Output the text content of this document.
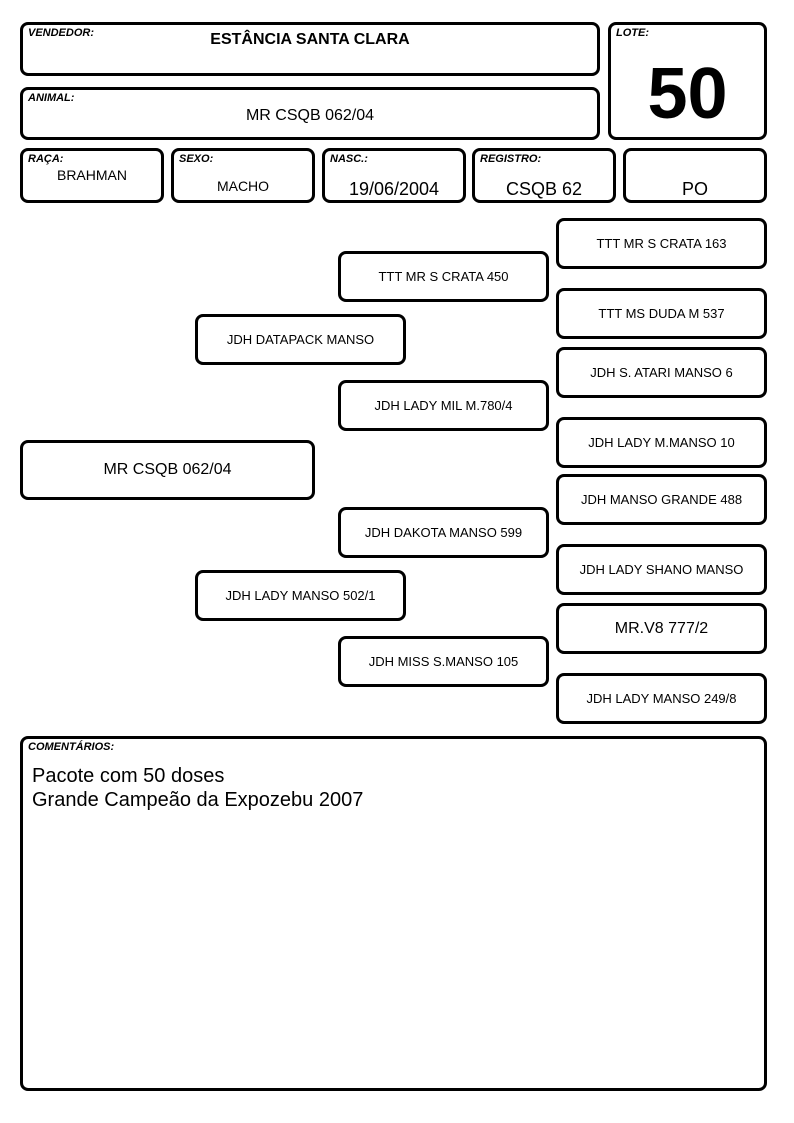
VENDEDOR:	ESTÂNCIA SANTA CLARA	LOTE:
50
ANIMAL:
MR CSQB 062/04
RAÇA:
BRAHMAN
SEXO:
MACHO
NASC.:
19/06/2004
REGISTRO:
CSQB 62	PO
MR CSQB 062/04
JDH DATAPACK MANSO
JDH LADY MANSO 502/1
TTT MR S CRATA 450
JDH LADY MIL M.780/4
JDH DAKOTA MANSO 599
JDH MISS S.MANSO 105
TTT MR S CRATA 163
TTT MS DUDA M 537
JDH S. ATARI MANSO 6
JDH LADY M.MANSO 10
JDH MANSO GRANDE 488
JDH LADY SHANO MANSO
MR.V8 777/2
JDH LADY MANSO 249/8
COMENTÁRIOS:
Pacote com 50 doses
Grande Campeão da Expozebu 2007
